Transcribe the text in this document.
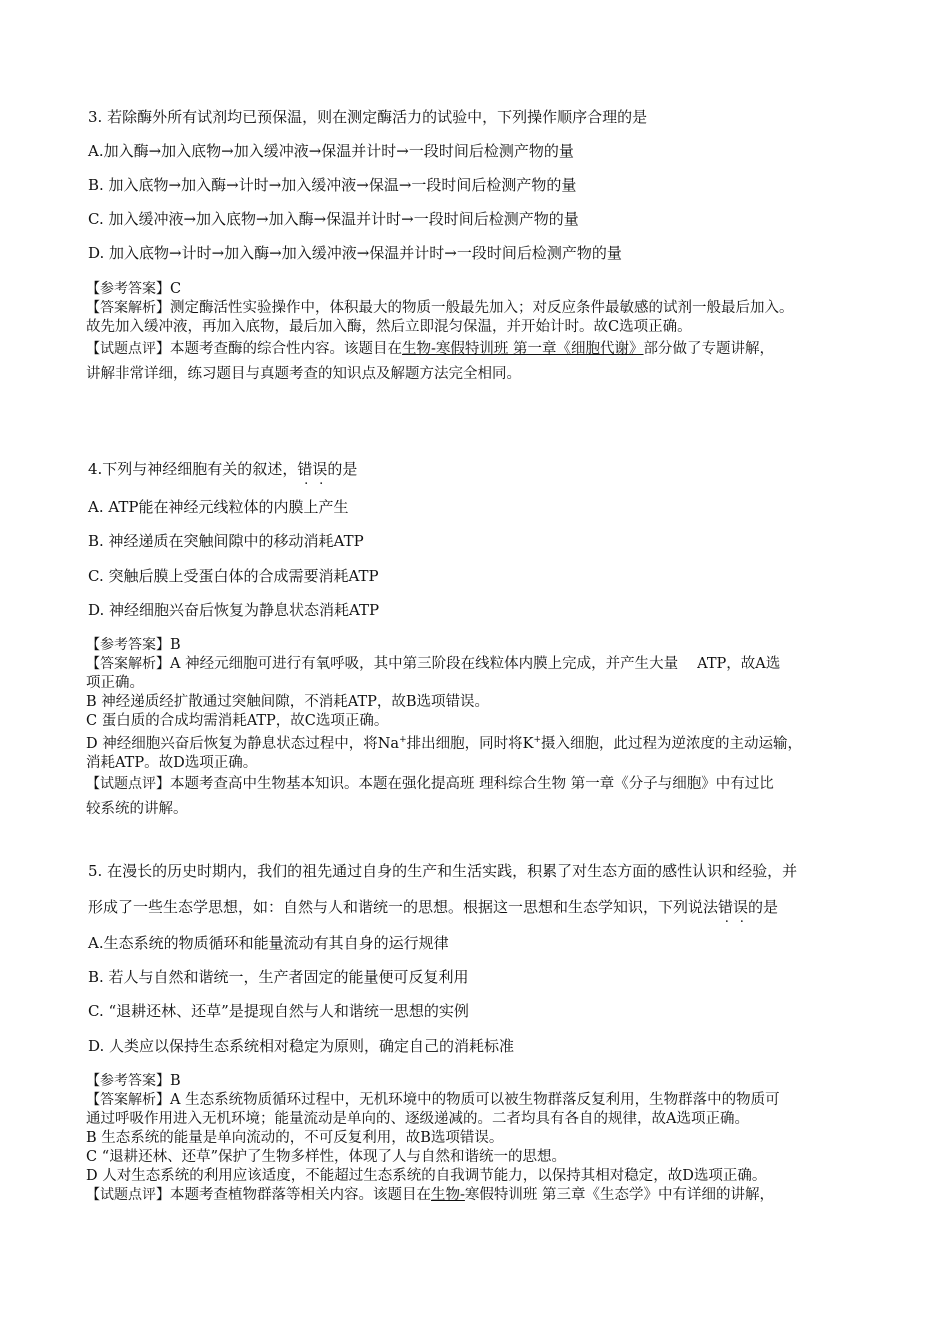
3. 若除酶外所有试剂均已预保温，则在测定酶活力的试验中，下列操作顺序合理的是
A.加入酶→加入底物→加入缓冲液→保温并计时→一段时间后检测产物的量
B. 加入底物→加入酶→计时→加入缓冲液→保温→一段时间后检测产物的量
C. 加入缓冲液→加入底物→加入酶→保温并计时→一段时间后检测产物的量
D. 加入底物→计时→加入酶→加入缓冲液→保温并计时→一段时间后检测产物的量
【参考答案】C
【答案解析】测定酶活性实验操作中，体积最大的物质一般最先加入；对反应条件最敏感的试剂一般最后加入。
故先加入缓冲液，再加入底物，最后加入酶，然后立即混匀保温，并开始计时。故C选项正确。
【试题点评】本题考查酶的综合性内容。该题目在生物-寒假特训班 第一章《细胞代谢》部分做了专题讲解，
讲解非常详细，练习题目与真题考查的知识点及解题方法完全相同。
4.下列与神经细胞有关的叙述，错误的是
A. ATP能在神经元线粒体的内膜上产生
B. 神经递质在突触间隙中的移动消耗ATP
C. 突触后膜上受蛋白体的合成需要消耗ATP
D. 神经细胞兴奋后恢复为静息状态消耗ATP
【参考答案】B
【答案解析】A 神经元细胞可进行有氧呼吸，其中第三阶段在线粒体内膜上完成，并产生大量　 ATP，故A选
项正确。
B 神经递质经扩散通过突触间隙，不消耗ATP，故B选项错误。
C 蛋白质的合成均需消耗ATP，故C选项正确。
D 神经细胞兴奋后恢复为静息状态过程中，将Na+排出细胞，同时将K+摄入细胞，此过程为逆浓度的主动运输，
消耗ATP。故D选项正确。
【试题点评】本题考查高中生物基本知识。本题在强化提高班 理科综合生物 第一章《分子与细胞》中有过比
较系统的讲解。
5. 在漫长的历史时期内，我们的祖先通过自身的生产和生活实践，积累了对生态方面的感性认识和经验，并
形成了一些生态学思想，如：自然与人和谐统一的思想。根据这一思想和生态学知识，下列说法错误的是
A.生态系统的物质循环和能量流动有其自身的运行规律
B. 若人与自然和谐统一，生产者固定的能量便可反复利用
C. “退耕还林、还草”是提现自然与人和谐统一思想的实例
D. 人类应以保持生态系统相对稳定为原则，确定自己的消耗标准
【参考答案】B
【答案解析】A 生态系统物质循环过程中，无机环境中的物质可以被生物群落反复利用，生物群落中的物质可
通过呼吸作用进入无机环境；能量流动是单向的、逐级递减的。二者均具有各自的规律，故A选项正确。
B 生态系统的能量是单向流动的，不可反复利用，故B选项错误。
C “退耕还林、还草”保护了生物多样性，体现了人与自然和谐统一的思想。
D 人对生态系统的利用应该适度，不能超过生态系统的自我调节能力，以保持其相对稳定，故D选项正确。
【试题点评】本题考查植物群落等相关内容。该题目在生物-寒假特训班 第三章《生态学》中有详细的讲解，
